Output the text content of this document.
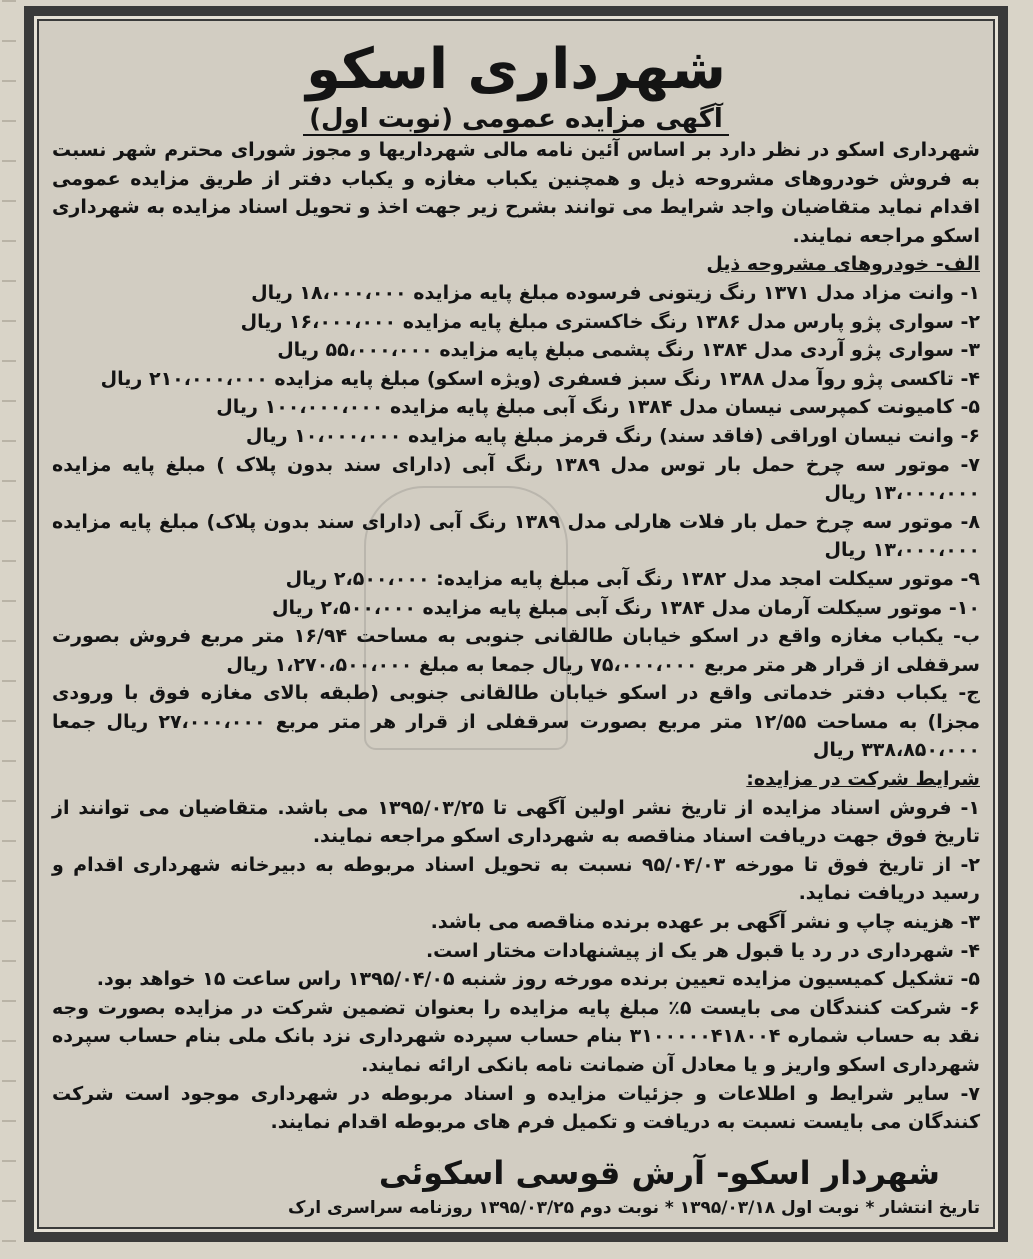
شهرداری اسکو
آگهی مزایده عمومی (نوبت اول)

شهرداری اسکو در نظر دارد بر اساس آئین نامه مالی شهرداریها و مجوز شورای محترم شهر نسبت به فروش خودروهای مشروحه ذیل و همچنین یکباب مغازه و یکباب دفتر از طریق مزایده عمومی اقدام نماید متقاضیان واجد شرایط می توانند بشرح زیر جهت اخذ و تحویل اسناد مزایده به شهرداری اسکو مراجعه نمایند.

الف- خودروهای مشروحه ذیل

۱- وانت مزاد مدل ۱۳۷۱ رنگ زیتونی فرسوده مبلغ پایه مزایده ۱۸،۰۰۰،۰۰۰ ریال

۲- سواری پژو پارس مدل ۱۳۸۶ رنگ خاکستری مبلغ پایه مزایده ۱۶،۰۰۰،۰۰۰ ریال

۳- سواری پژو آردی مدل ۱۳۸۴ رنگ پشمی مبلغ پایه مزایده ۵۵،۰۰۰،۰۰۰ ریال

۴- تاکسی پژو روآ مدل ۱۳۸۸ رنگ سبز فسفری (ویژه اسکو) مبلغ پایه مزایده ۲۱۰،۰۰۰،۰۰۰ ریال

۵- کامیونت کمپرسی نیسان مدل ۱۳۸۴ رنگ آبی مبلغ پایه مزایده ۱۰۰،۰۰۰،۰۰۰ ریال

۶- وانت نیسان اوراقی (فاقد سند) رنگ قرمز مبلغ پایه مزایده ۱۰،۰۰۰،۰۰۰ ریال

۷- موتور سه چرخ حمل بار توس مدل ۱۳۸۹ رنگ آبی (دارای سند بدون پلاک ) مبلغ پایه مزایده ۱۳،۰۰۰،۰۰۰ ریال

۸- موتور سه چرخ حمل بار فلات هارلی مدل ۱۳۸۹ رنگ آبی (دارای سند بدون پلاک) مبلغ پایه مزایده ۱۳،۰۰۰،۰۰۰ ریال

۹- موتور سیکلت امجد مدل ۱۳۸۲ رنگ آبی مبلغ پایه مزایده: ۲،۵۰۰،۰۰۰ ریال

۱۰- موتور سیکلت آرمان مدل ۱۳۸۴ رنگ آبی مبلغ پایه مزایده ۲،۵۰۰،۰۰۰ ریال

ب- یکباب مغازه واقع در اسکو خیابان طالقانی جنوبی به مساحت ۱۶/۹۴ متر مربع فروش بصورت سرقفلی از قرار هر متر مربع ۷۵،۰۰۰،۰۰۰ ریال جمعا به مبلغ ۱،۲۷۰،۵۰۰،۰۰۰ ریال

ج- یکباب دفتر خدماتی واقع در اسکو خیابان طالقانی جنوبی (طبقه بالای مغازه فوق با ورودی مجزا) به مساحت ۱۲/۵۵ متر مربع بصورت سرقفلی از قرار هر متر مربع ۲۷،۰۰۰،۰۰۰ ریال جمعا ۳۳۸،۸۵۰،۰۰۰ ریال

شرایط شرکت در مزایده:

۱- فروش اسناد مزایده از تاریخ نشر اولین آگهی تا ۱۳۹۵/۰۳/۲۵ می باشد. متقاضیان می توانند از تاریخ فوق جهت دریافت اسناد مناقصه به شهرداری اسکو مراجعه نمایند.

۲- از تاریخ فوق تا مورخه ۹۵/۰۴/۰۳ نسبت به تحویل اسناد مربوطه به دبیرخانه شهرداری اقدام و رسید دریافت نماید.

۳- هزینه چاپ و نشر آگهی بر عهده برنده مناقصه می باشد.

۴- شهرداری در رد یا قبول هر یک از پیشنهادات مختار است.

۵- تشکیل کمیسیون مزایده تعیین برنده مورخه روز شنبه ۱۳۹۵/۰۴/۰۵ راس ساعت ۱۵ خواهد بود.

۶- شرکت کنندگان می بایست ۵٪ مبلغ پایه مزایده را بعنوان تضمین شرکت در مزایده بصورت وجه نقد به حساب شماره ۳۱۰۰۰۰۰۴۱۸۰۰۴ بنام حساب سپرده شهرداری نزد بانک ملی بنام حساب سپرده شهرداری اسکو واریز و یا معادل آن ضمانت نامه بانکی ارائه نمایند.

۷- سایر شرایط و اطلاعات و جزئیات مزایده و اسناد مربوطه در شهرداری موجود است شرکت کنندگان می بایست نسبت به دریافت و تکمیل فرم های مربوطه اقدام نمایند.

شهردار اسکو- آرش قوسی اسکوئی

تاریخ انتشار * نوبت اول ۱۳۹۵/۰۳/۱۸ * نوبت دوم ۱۳۹۵/۰۳/۲۵ روزنامه سراسری ارک
